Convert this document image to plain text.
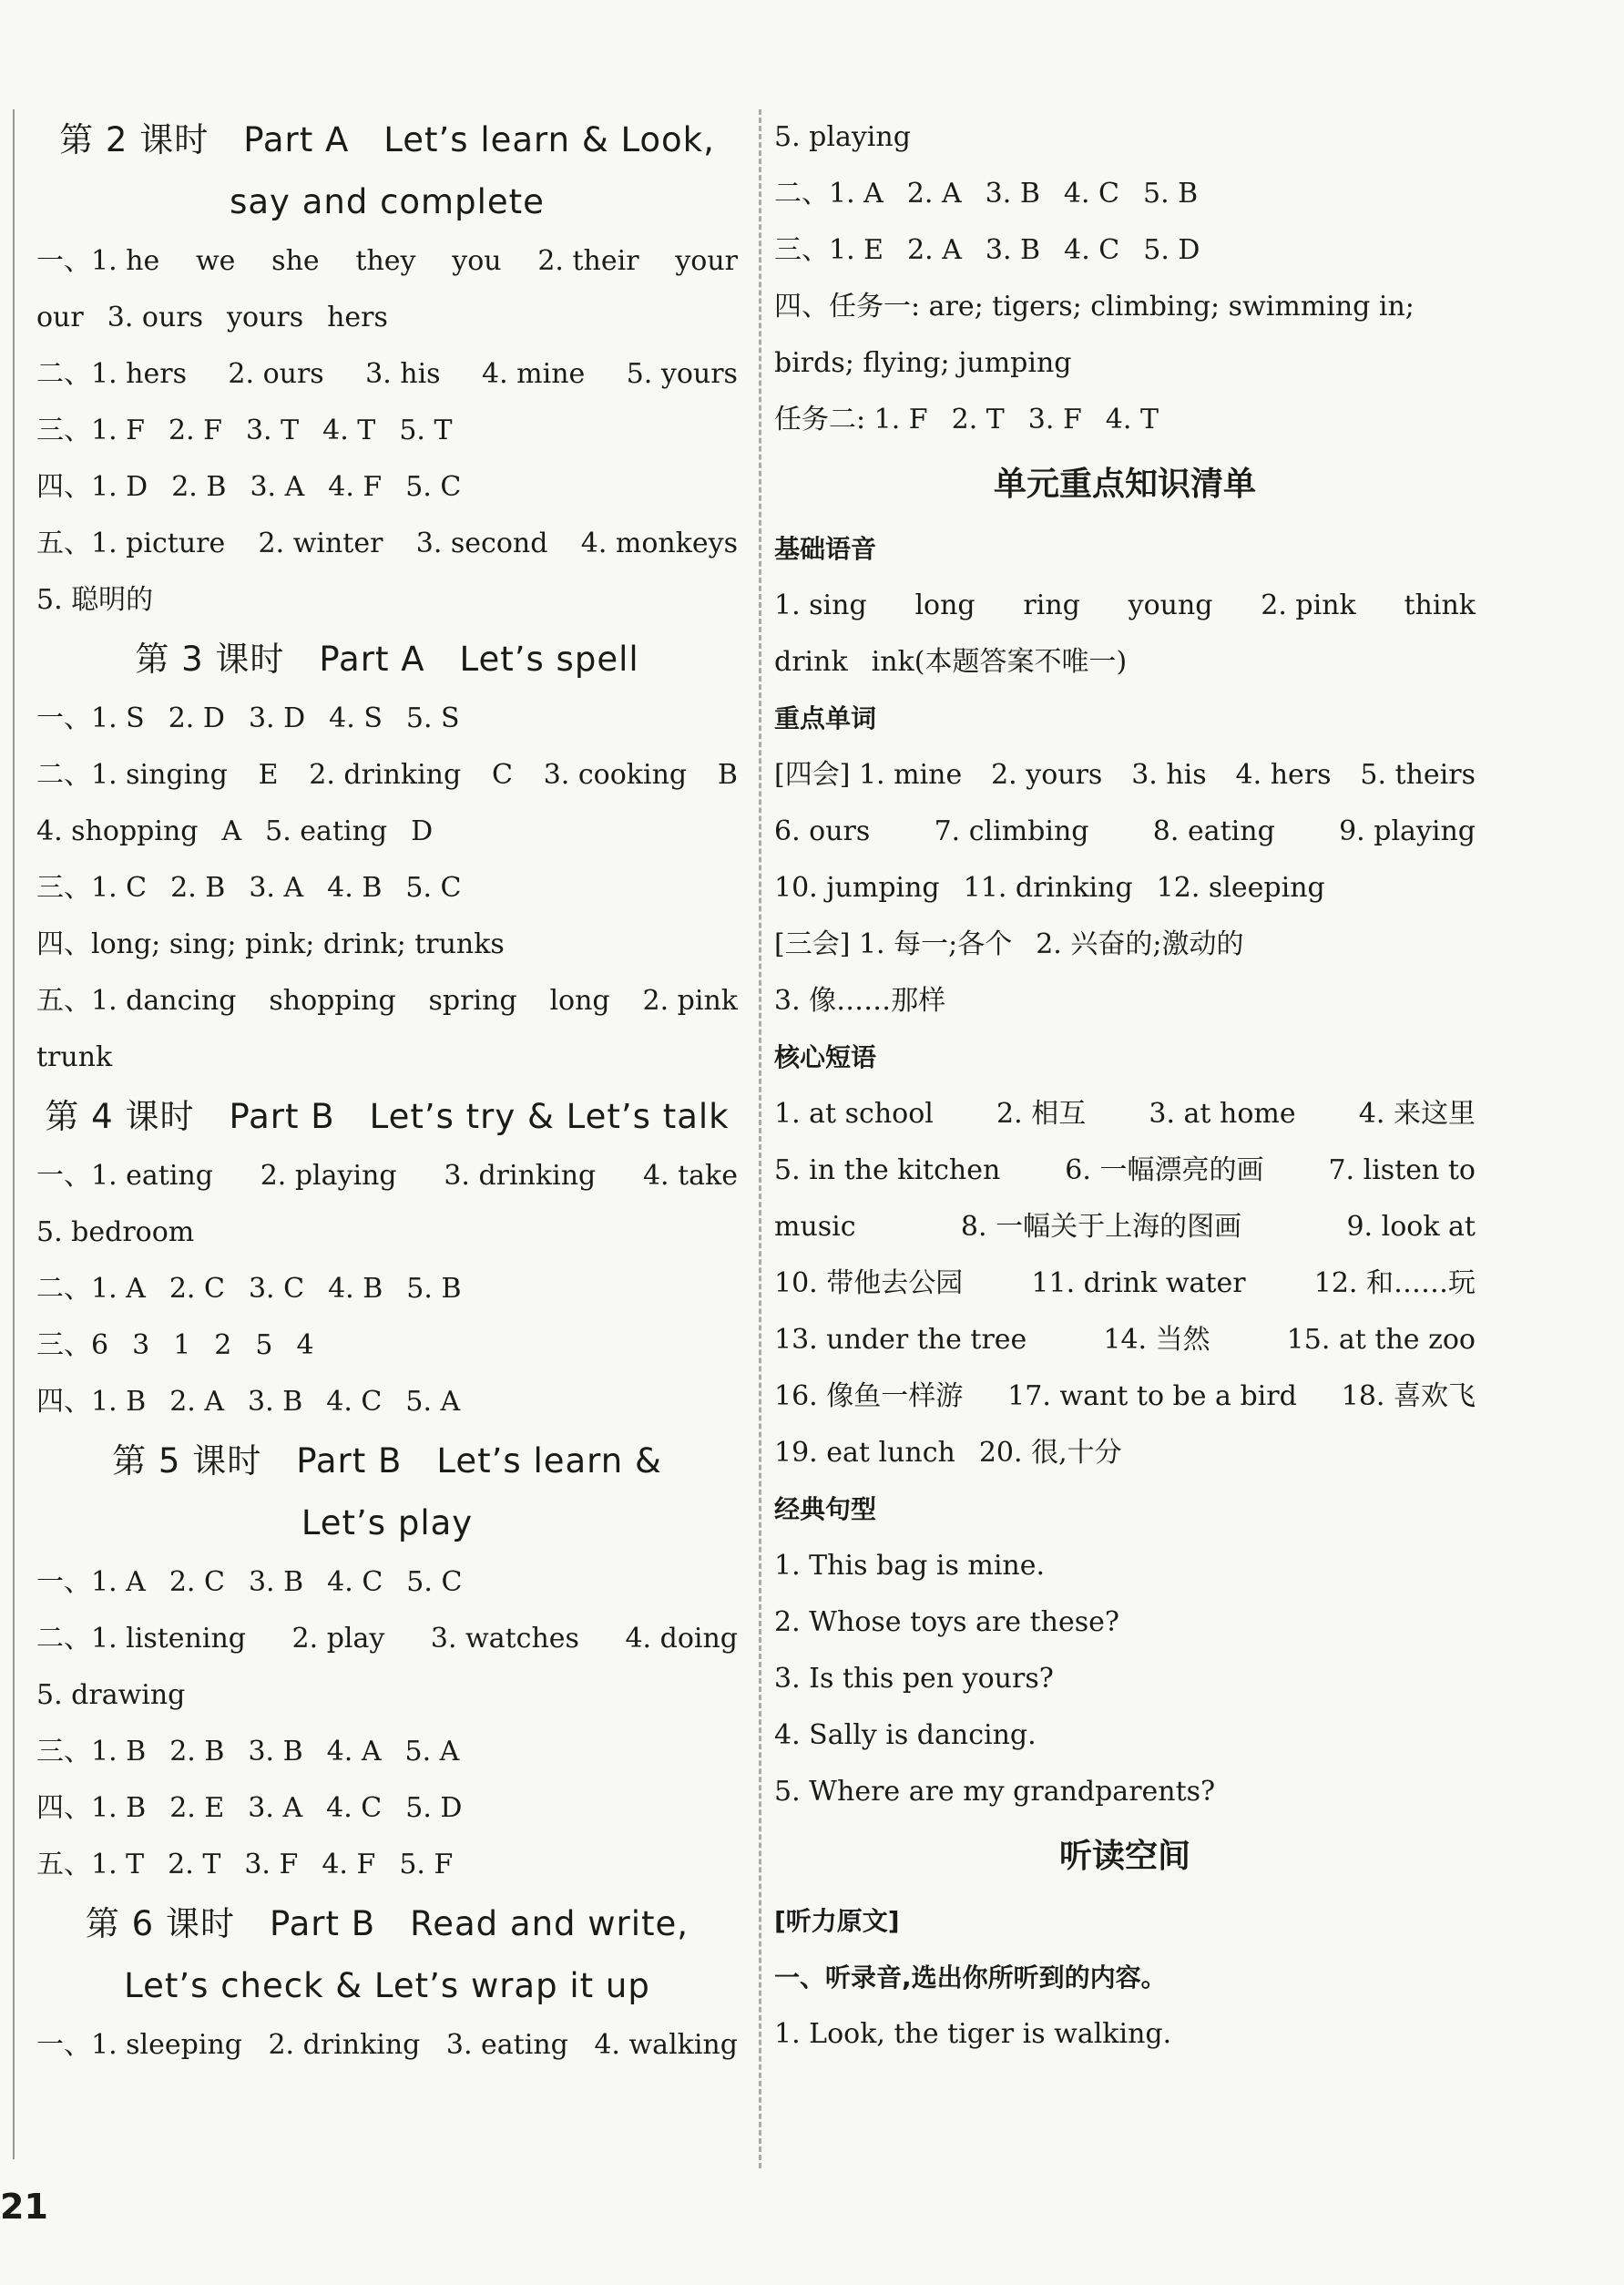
第 2 课时　Part A　Let’s learn & Look,
say and complete
一、1. he we she they you 2. their your
our 3. ours yours hers
二、1. hers 2. ours 3. his 4. mine 5. yours
三、1. F 2. F 3. T 4. T 5. T
四、1. D 2. B 3. A 4. F 5. C
五、1. picture 2. winter 3. second 4. monkeys
5. 聪明的
第 3 课时　Part A　Let’s spell
一、1. S 2. D 3. D 4. S 5. S
二、1. singing E 2. drinking C 3. cooking B
4. shopping A 5. eating D
三、1. C 2. B 3. A 4. B 5. C
四、long; sing; pink; drink; trunks
五、1. dancing shopping spring long 2. pink
trunk
第 4 课时　Part B　Let’s try & Let’s talk
一、1. eating 2. playing 3. drinking 4. take
5. bedroom
二、1. A 2. C 3. C 4. B 5. B
三、6 3 1 2 5 4
四、1. B 2. A 3. B 4. C 5. A
第 5 课时　Part B　Let’s learn &
Let’s play
一、1. A 2. C 3. B 4. C 5. C
二、1. listening 2. play 3. watches 4. doing
5. drawing
三、1. B 2. B 3. B 4. A 5. A
四、1. B 2. E 3. A 4. C 5. D
五、1. T 2. T 3. F 4. F 5. F
第 6 课时　Part B　Read and write,
Let’s check & Let’s wrap it up
一、1. sleeping 2. drinking 3. eating 4. walking
5. playing
二、1. A 2. A 3. B 4. C 5. B
三、1. E 2. A 3. B 4. C 5. D
四、任务一: are; tigers; climbing; swimming in;
birds; flying; jumping
任务二: 1. F 2. T 3. F 4. T
单元重点知识清单
基础语音
1. sing long ring young 2. pink think
drink ink(本题答案不唯一)
重点单词
[四会] 1. mine 2. yours 3. his 4. hers 5. theirs
6. ours 7. climbing 8. eating 9. playing
10. jumping 11. drinking 12. sleeping
[三会] 1. 每一;各个 2. 兴奋的;激动的
3. 像……那样
核心短语
1. at school 2. 相互 3. at home 4. 来这里
5. in the kitchen 6. 一幅漂亮的画 7. listen to
music	8. 一幅关于上海的图画	9. look at
10. 带他去公园	11. drink water	12. 和……玩
13. under the tree	14. 当然	15. at the zoo
16. 像鱼一样游 17. want to be a bird 18. 喜欢飞
19. eat lunch 20. 很,十分
经典句型
1. This bag is mine.
2. Whose toys are these?
3. Is this pen yours?
4. Sally is dancing.
5. Where are my grandparents?
听读空间
[听力原文]
一、听录音,选出你所听到的内容。
1. Look, the tiger is walking.
21
